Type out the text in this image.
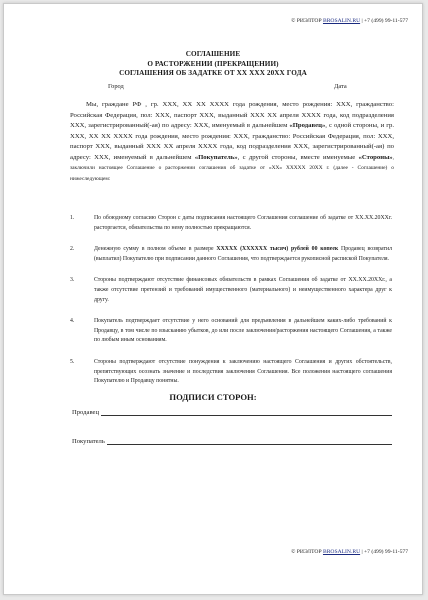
© РИЭЛТОР BROSALIN.RU | +7 (499) 99-11-577
СОГЛАШЕНИЕ
О РАСТОРЖЕНИИ (ПРЕКРАЩЕНИИ)
СОГЛАШЕНИЯ ОБ ЗАДАТКЕ ОТ ХХ ХХХ 20ХХ ГОДА
Город	Дата

Мы, граждане РФ , гр. ХХХ, ХХ ХХ ХХХХ года рождения, место рождения: ХХХ, гражданство: Российская Федерация, пол: ХХХ, паспорт ХХХ, выданный ХХХ ХХ апреля ХХХХ года, код подразделения ХХХ, зарегистрированный(-ая) по адресу: ХХХ, именуемый в дальнейшем «Продавец», с одной стороны, и гр. ХХХ, ХХ ХХ ХХХХ года рождения, место рождения: ХХХ, гражданство: Российская Федерация, пол: ХХХ, паспорт ХХХ, выданный ХХХ ХХ апреля ХХХХ года, код подразделения ХХХ, зарегистрированный(-ая) по адресу: ХХХ, именуемый в дальнейшем «Покупатель», с другой стороны, вместе именуемые «Стороны», заключили настоящее Соглашение о расторжении соглашения об задатке от «ХХ» ХХХХХ 20ХХ г. (далее - Соглашение) о нижеследующем:

1.	По обоюдному согласию Сторон с даты подписания настоящего Соглашения соглашение об задатке от ХХ.ХХ.20ХХг. расторгается, обязательства по нему полностью прекращаются.
2.	Денежную сумму в полном объеме в размере ХХХХХ (ХХХХХХ тысяч) рублей 00 копеек Продавец возвратил (выплатил) Покупателю при подписании данного Соглашения, что подтверждается рукописной распиской Покупателя.
3.	Стороны подтверждают отсутствие финансовых обязательств в рамках Соглашения об задатке от ХХ.ХХ.20ХХг., а также отсутствие претензий и требований имущественного (материального) и неимущественного характера друг к другу.
4.	Покупатель подтверждает отсутствие у него оснований для предъявления в дальнейшем каких-либо требований к Продавцу, в том числе по взысканию убытков, до или после заключения/расторжения настоящего Соглашения, а также по любым иным основаниям.
5.	Стороны подтверждают отсутствие понуждения к заключению настоящего Соглашения и других обстоятельств, препятствующих осознать значение и последствия заключения Соглашения. Все положения настоящего соглашения Покупателю и Продавцу понятны.
ПОДПИСИ СТОРОН:
Продавец
Покупатель
© РИЭЛТОР BROSALIN.RU | +7 (499) 99-11-577
